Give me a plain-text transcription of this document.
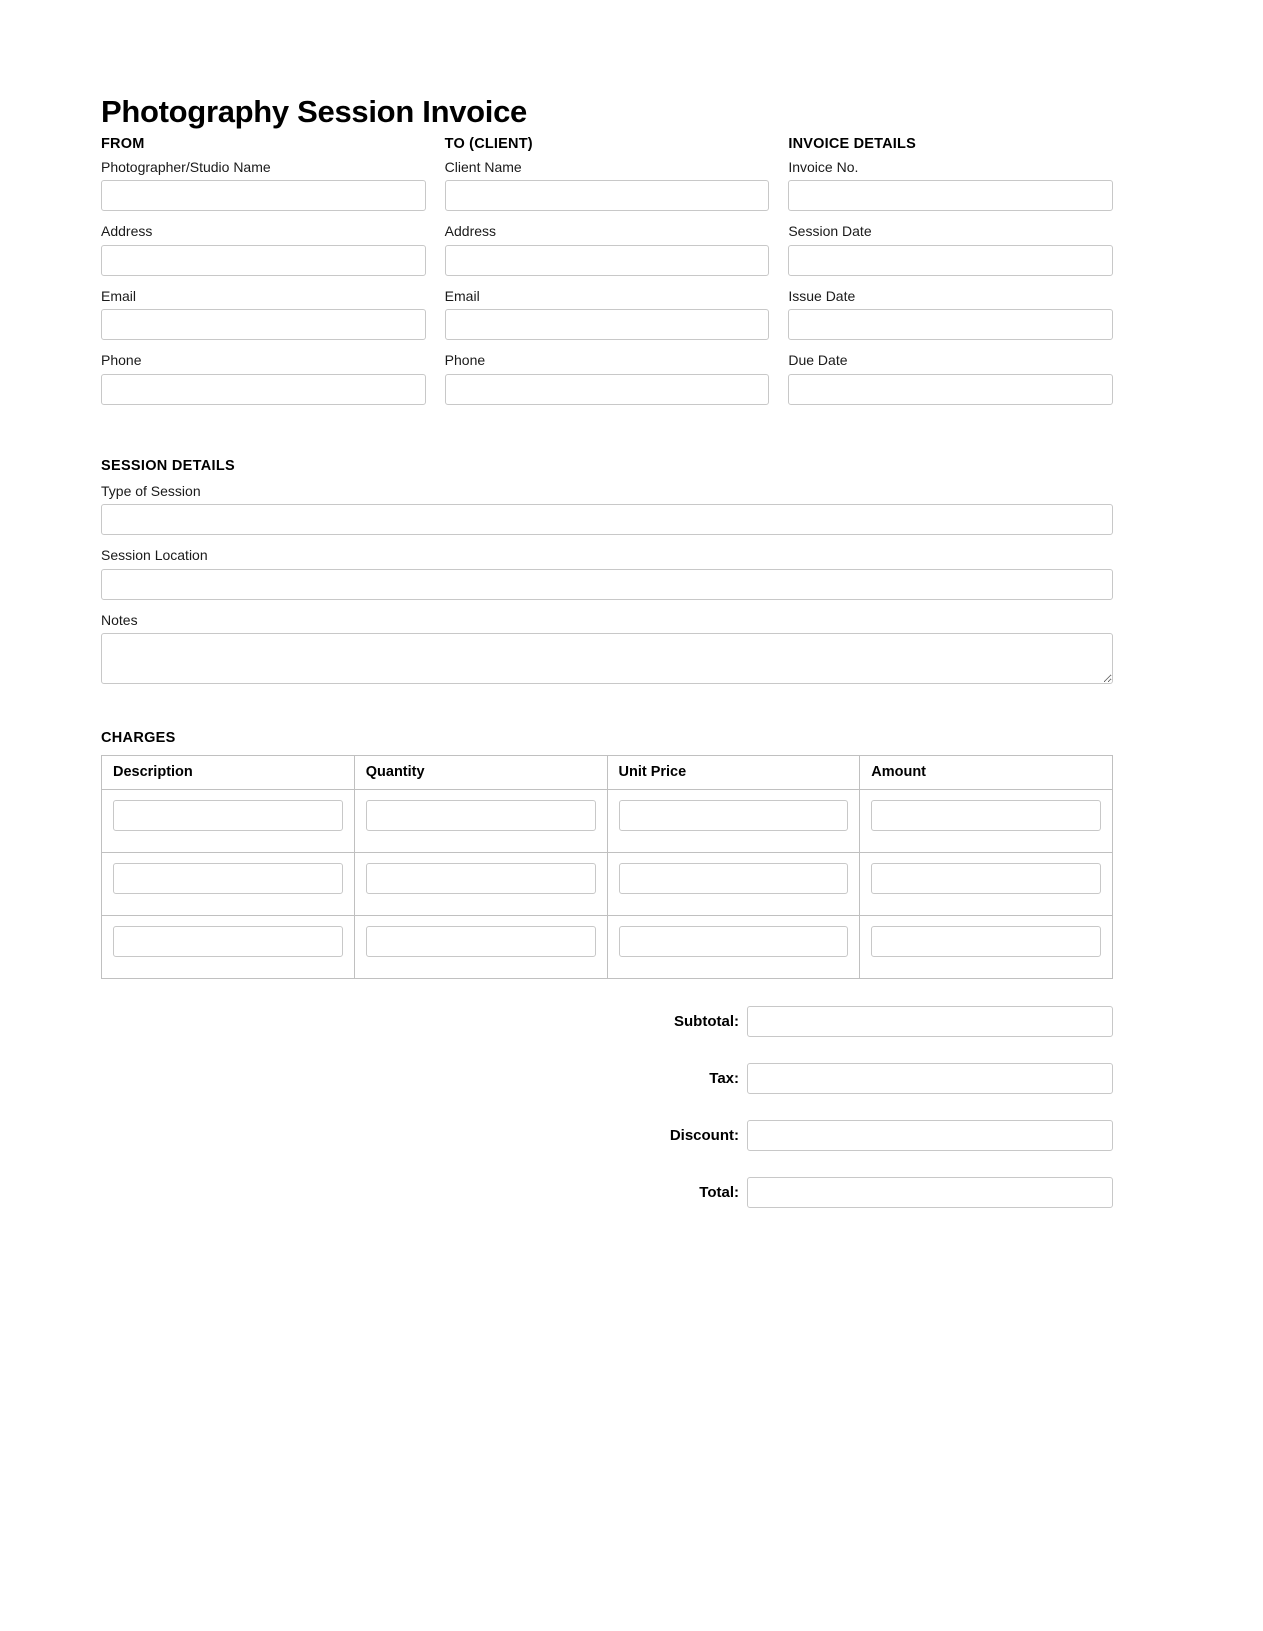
Photography Session Invoice
FROM
Photographer/Studio Name
Address
Email
Phone
TO (CLIENT)
Client Name
Address
Email
Phone
INVOICE DETAILS
Invoice No.
Session Date
Issue Date
Due Date
SESSION DETAILS
Type of Session
Session Location
Notes
CHARGES
Description	Quantity	Unit Price	Amount

Subtotal:
Tax:
Discount:
Total:
